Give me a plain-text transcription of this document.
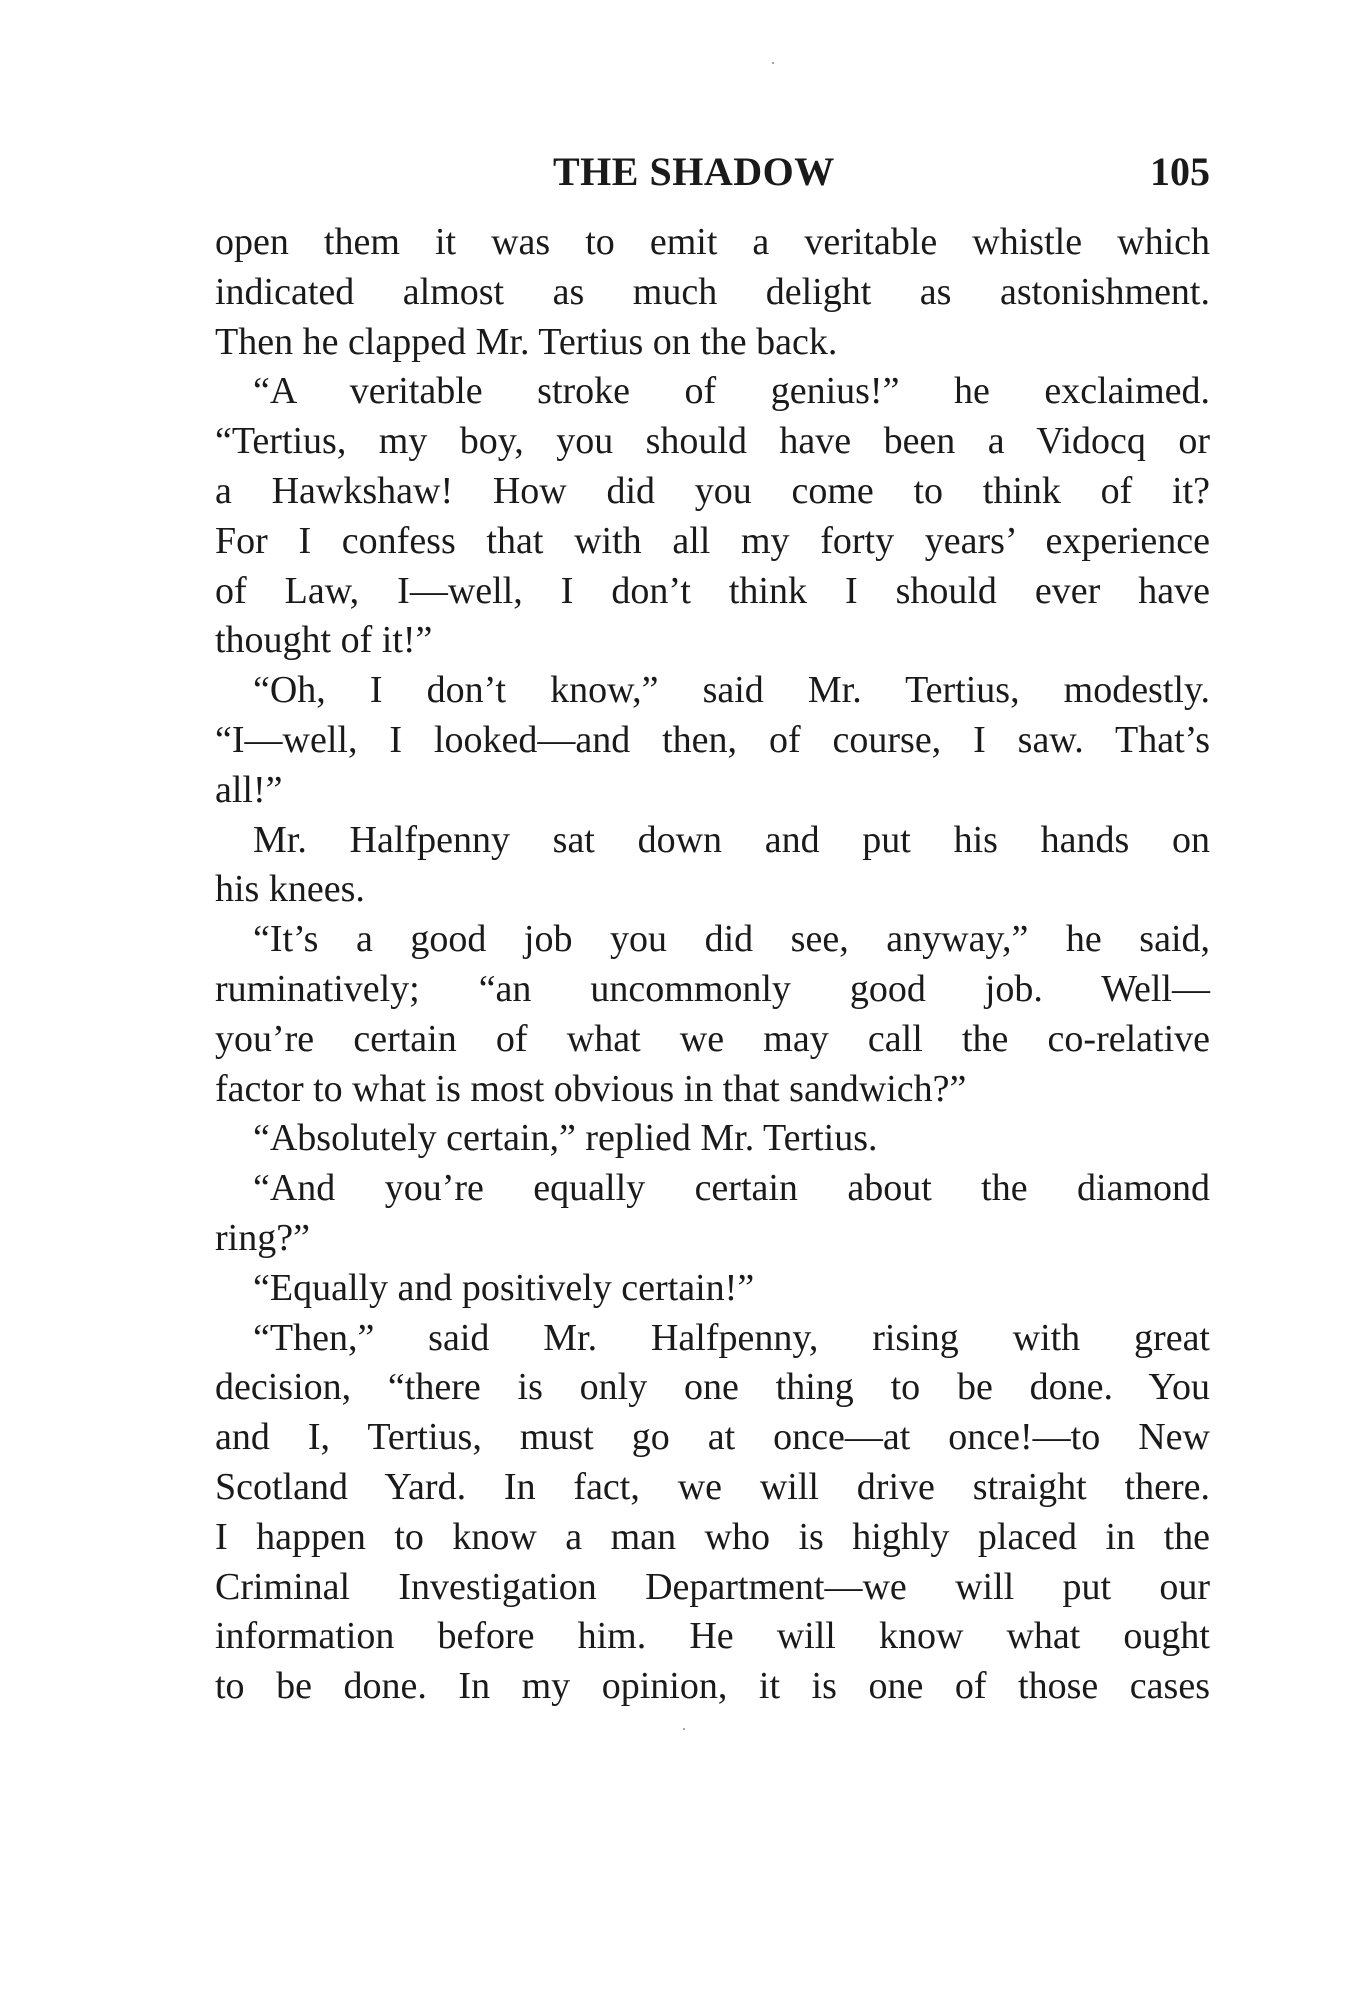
THE SHADOW	105
open them it was to emit a veritable whistle which
indicated almost as much delight as astonishment.
Then he clapped Mr. Tertius on the back.
“A veritable stroke of genius!” he exclaimed.
“Tertius, my boy, you should have been a Vidocq or
a Hawkshaw! How did you come to think of it?
For I confess that with all my forty years’ experience
of Law, I—well, I don’t think I should ever have
thought of it!”
“Oh, I don’t know,” said Mr. Tertius, modestly.
“I—well, I looked—and then, of course, I saw. That’s
all!”
Mr. Halfpenny sat down and put his hands on
his knees.
“It’s a good job you did see, anyway,” he said,
ruminatively; “an uncommonly good job. Well—
you’re certain of what we may call the co-relative
factor to what is most obvious in that sandwich?”
“Absolutely certain,” replied Mr. Tertius.
“And you’re equally certain about the diamond
ring?”
“Equally and positively certain!”
“Then,” said Mr. Halfpenny, rising with great
decision, “there is only one thing to be done. You
and I, Tertius, must go at once—at once!—to New
Scotland Yard. In fact, we will drive straight there.
I happen to know a man who is highly placed in the
Criminal Investigation Department—we will put our
information before him. He will know what ought
to be done. In my opinion, it is one of those cases
